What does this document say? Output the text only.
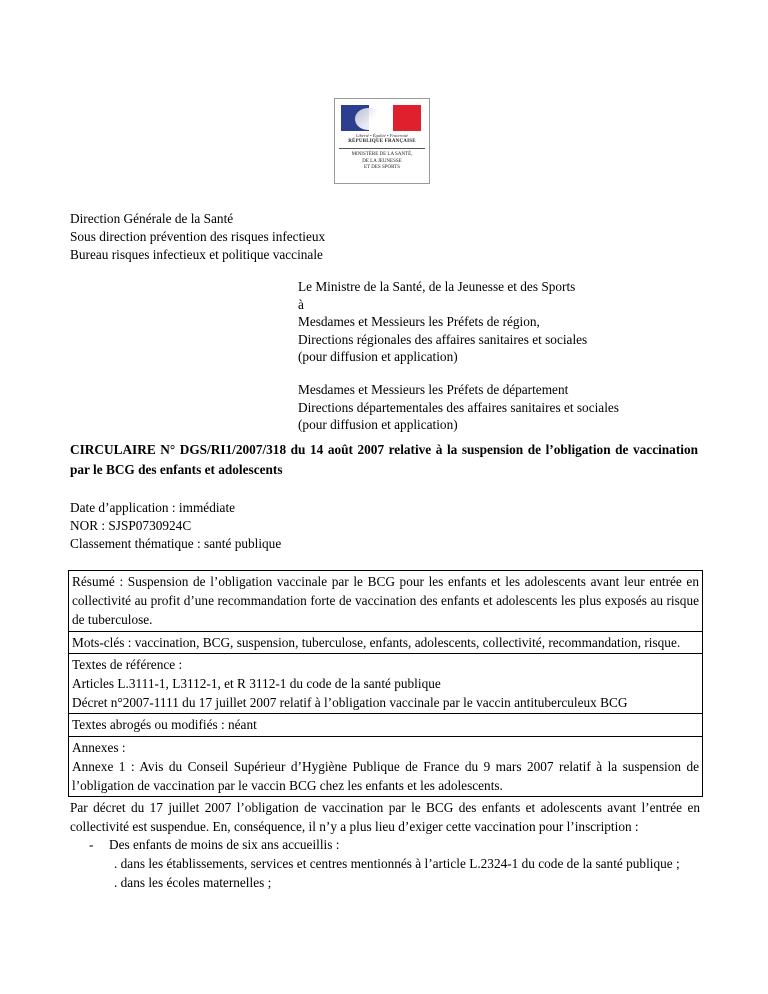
Liberté • Égalité • Fraternité
RÉPUBLIQUE FRANÇAISE
MINISTÈRE DE LA SANTÉ,
DE LA JEUNESSE
ET DES SPORTS
Direction Générale de la Santé
Sous direction prévention des risques infectieux
Bureau risques infectieux et politique vaccinale
Le Ministre de la Santé, de la Jeunesse et des Sports
à
Mesdames et Messieurs les Préfets de région,
Directions régionales des affaires sanitaires et sociales
(pour diffusion et application)
Mesdames et Messieurs les Préfets de département
Directions départementales des affaires sanitaires et sociales
(pour diffusion et application)
CIRCULAIRE N° DGS/RI1/2007/318 du 14 août 2007 relative à la suspension de l’obligation de vaccination par le BCG des enfants et adolescents
Date d’application : immédiate
NOR : SJSP0730924C
Classement thématique : santé publique
Résumé : Suspension de l’obligation vaccinale par le BCG pour les enfants et les adolescents avant leur entrée en collectivité au profit d’une recommandation forte de vaccination des enfants et adolescents les plus exposés au risque de tuberculose.
Mots-clés : vaccination, BCG, suspension, tuberculose, enfants, adolescents, collectivité, recommandation, risque.
Textes de référence :
Articles L.3111-1, L3112-1, et R 3112-1 du code de la santé publique
Décret n°2007-1111 du 17 juillet 2007 relatif à l’obligation vaccinale par le vaccin antituberculeux BCG
Textes abrogés ou modifiés : néant
Annexes :
Annexe 1 : Avis du Conseil Supérieur d’Hygiène Publique de France du 9 mars 2007 relatif à la suspension de l’obligation de vaccination par le vaccin BCG chez les enfants et les adolescents.
Par décret du 17 juillet 2007 l’obligation de vaccination par le BCG des enfants et adolescents avant l’entrée en collectivité est suspendue. En, conséquence, il n’y a plus lieu d’exiger cette vaccination pour l’inscription :
- Des enfants de moins de six ans accueillis :
. dans les établissements, services et centres mentionnés à l’article L.2324-1 du code de la santé publique ;
. dans les écoles maternelles ;
